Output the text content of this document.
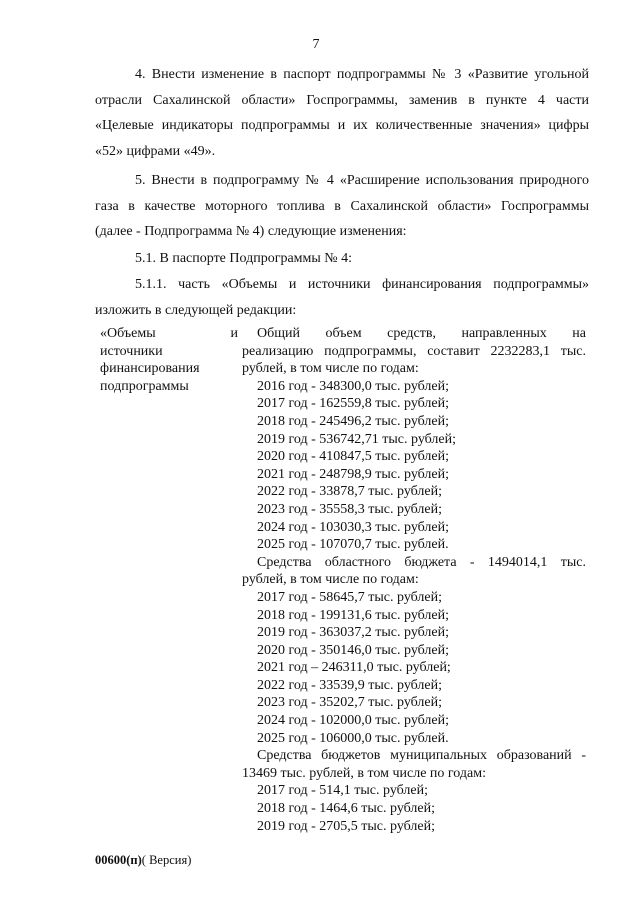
7
4. Внести изменение в паспорт подпрограммы № 3 «Развитие угольной
отрасли Сахалинской области» Госпрограммы, заменив в пункте 4 части
«Целевые индикаторы подпрограммы и их количественные значения» цифры
«52» цифрами «49».
5. Внести в подпрограмму № 4 «Расширение использования природного
газа в качестве моторного топлива в Сахалинской области» Госпрограммы
(далее - Подпрограмма № 4) следующие изменения:
5.1. В паспорте Подпрограммы № 4:
5.1.1. часть «Объемы и источники финансирования подпрограммы»
изложить в следующей редакции:
«Объемы	и
источники
финансирования
подпрограммы
Общий объем средств, направленных на
реализацию подпрограммы, составит 2232283,1 тыс.
рублей, в том числе по годам:
2016 год - 348300,0 тыс. рублей;
2017 год - 162559,8 тыс. рублей;
2018 год - 245496,2 тыс. рублей;
2019 год - 536742,71 тыс. рублей;
2020 год - 410847,5 тыс. рублей;
2021 год - 248798,9 тыс. рублей;
2022 год - 33878,7 тыс. рублей;
2023 год - 35558,3 тыс. рублей;
2024 год - 103030,3 тыс. рублей;
2025 год - 107070,7 тыс. рублей.
Средства областного бюджета - 1494014,1 тыс.
рублей, в том числе по годам:
2017 год - 58645,7 тыс. рублей;
2018 год - 199131,6 тыс. рублей;
2019 год - 363037,2 тыс. рублей;
2020 год - 350146,0 тыс. рублей;
2021 год – 246311,0 тыс. рублей;
2022 год - 33539,9 тыс. рублей;
2023 год - 35202,7 тыс. рублей;
2024 год - 102000,0 тыс. рублей;
2025 год - 106000,0 тыс. рублей.
Средства бюджетов муниципальных образований -
13469 тыс. рублей, в том числе по годам:
2017 год - 514,1 тыс. рублей;
2018 год - 1464,6 тыс. рублей;
2019 год - 2705,5 тыс. рублей;
00600(п)( Версия)
